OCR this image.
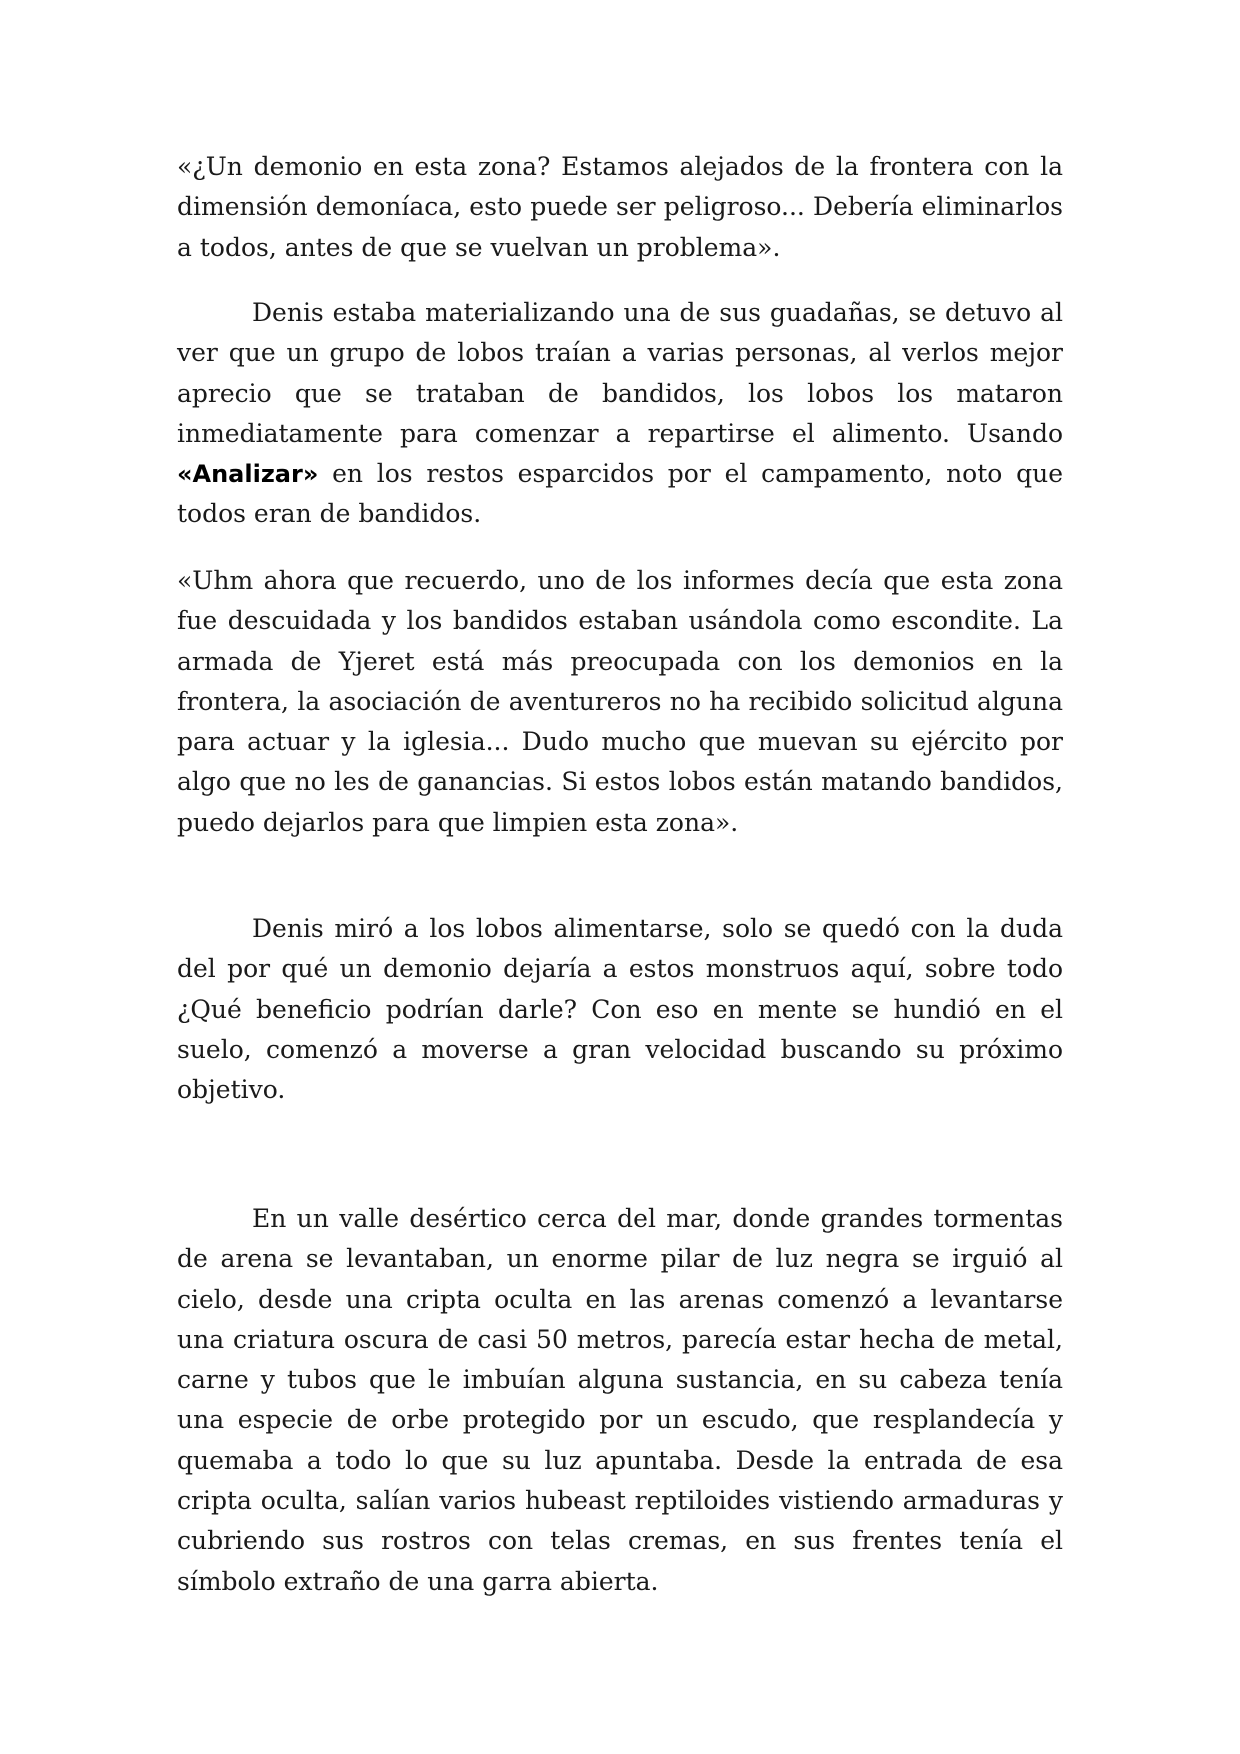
«¿Un demonio en esta zona? Estamos alejados de la frontera con la dimensión demoníaca, esto puede ser peligroso... Debería eliminarlos a todos, antes de que se vuelvan un problema».

Denis estaba materializando una de sus guadañas, se detuvo al ver que un grupo de lobos traían a varias personas, al verlos mejor aprecio que se trataban de bandidos, los lobos los mataron inmediatamente para comenzar a repartirse el alimento. Usando «Analizar» en los restos esparcidos por el campamento, noto que todos eran de bandidos.

«Uhm ahora que recuerdo, uno de los informes decía que esta zona fue descuidada y los bandidos estaban usándola como escondite. La armada de Yjeret está más preocupada con los demonios en la frontera, la asociación de aventureros no ha recibido solicitud alguna para actuar y la iglesia... Dudo mucho que muevan su ejército por algo que no les de ganancias. Si estos lobos están matando bandidos, puedo dejarlos para que limpien esta zona».

Denis miró a los lobos alimentarse, solo se quedó con la duda del por qué un demonio dejaría a estos monstruos aquí, sobre todo ¿Qué beneficio podrían darle? Con eso en mente se hundió en el suelo, comenzó a moverse a gran velocidad buscando su próximo objetivo.

En un valle desértico cerca del mar, donde grandes tormentas de arena se levantaban, un enorme pilar de luz negra se irguió al cielo, desde una cripta oculta en las arenas comenzó a levantarse una criatura oscura de casi 50 metros, parecía estar hecha de metal, carne y tubos que le imbuían alguna sustancia, en su cabeza tenía una especie de orbe protegido por un escudo, que resplandecía y quemaba a todo lo que su luz apuntaba. Desde la entrada de esa cripta oculta, salían varios hubeast reptiloides vistiendo armaduras y cubriendo sus rostros con telas cremas, en sus frentes tenía el símbolo extraño de una garra abierta.
